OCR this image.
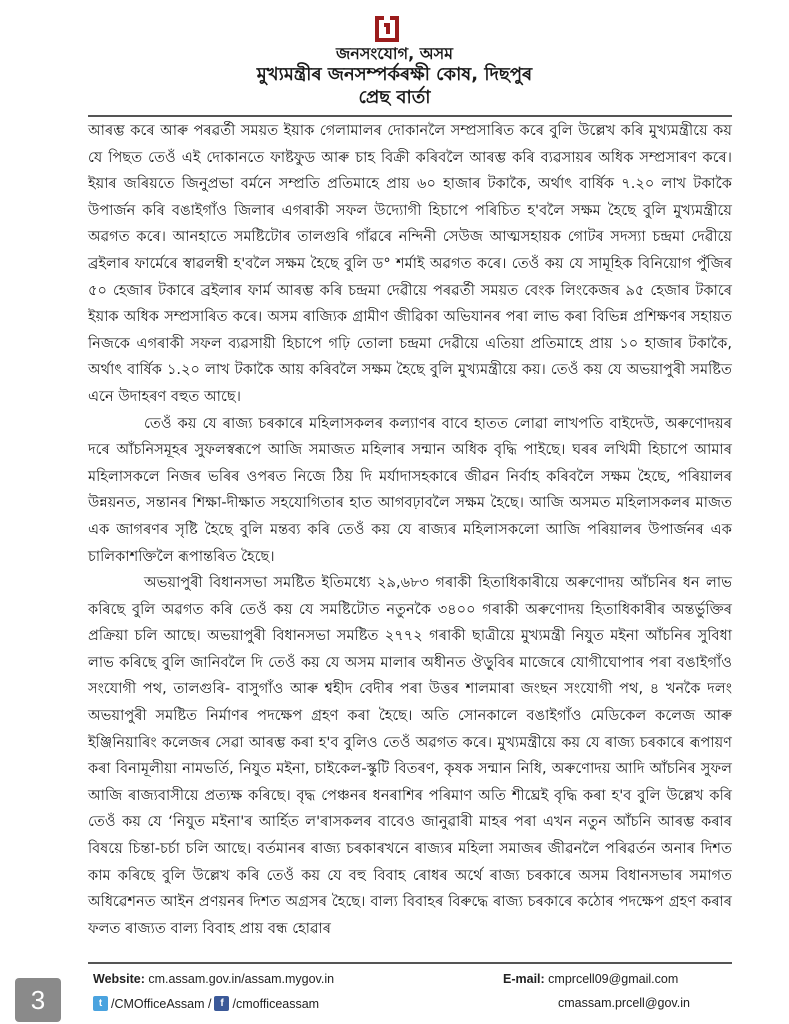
জনসংযোগ, অসম
মুখ্যমন্ত্ৰীৰ জনসম্পৰ্কৰক্ষী কোষ, দিছপুৰ
প্ৰেছ বাৰ্তা

আৰম্ভ কৰে আৰু পৰৱৰ্তী সময়ত ইয়াক গেলামালৰ দোকানলৈ সম্প্ৰসাৰিত কৰে বুলি উল্লেখ কৰি মুখ্যমন্ত্ৰীয়ে কয় যে পিছত তেওঁ এই দোকানতে ফাষ্টফুড আৰু চাহ বিক্ৰী কৰিবলৈ আৰম্ভ কৰি ব্যৱসায়ৰ অধিক সম্প্ৰসাৰণ কৰে। ইয়াৰ জৰিয়তে জিনুপ্ৰভা বৰ্মনে সম্প্ৰতি প্ৰতিমাহে প্ৰায় ৬০ হাজাৰ টকাকৈ, অৰ্থাৎ বাৰ্ষিক ৭.২০ লাখ টকাকৈ উপাৰ্জন কৰি বঙাইগাঁও জিলাৰ এগৰাকী সফল উদ্যোগী হিচাপে পৰিচিত হ'বলৈ সক্ষম হৈছে বুলি মুখ্যমন্ত্ৰীয়ে অৱগত কৰে। আনহাতে সমষ্টিটোৰ তালগুৰি গাঁৱৰে নন্দিনী সেউজ আত্মসহায়ক গোটৰ সদস্যা চন্দ্ৰমা দেৱীয়ে ব্ৰইলাৰ ফাৰ্মেৰে স্বাৱলম্বী হ'বলৈ সক্ষম হৈছে বুলি ড° শৰ্মাই অৱগত কৰে। তেওঁ কয় যে সামূহিক বিনিয়োগ পুঁজিৰ ৫০ হেজাৰ টকাৰে ব্ৰইলাৰ ফাৰ্ম আৰম্ভ কৰি চন্দ্ৰমা দেৱীয়ে পৰৱৰ্তী সময়ত বেংক লিংকেজৰ ৯৫ হেজাৰ টকাৰে ইয়াক অধিক সম্প্ৰসাৰিত কৰে। অসম ৰাজ্যিক গ্ৰামীণ জীৱিকা অভিযানৰ পৰা লাভ কৰা বিভিন্ন প্ৰশিক্ষণৰ সহায়ত নিজকে এগৰাকী সফল ব্যৱসায়ী হিচাপে গঢ়ি তোলা চন্দ্ৰমা দেৱীয়ে এতিয়া প্ৰতিমাহে প্ৰায় ১০ হাজাৰ টকাকৈ, অৰ্থাৎ বাৰ্ষিক ১.২০ লাখ টকাকৈ আয় কৰিবলৈ সক্ষম হৈছে বুলি মুখ্যমন্ত্ৰীয়ে কয়। তেওঁ কয় যে অভয়াপুৰী সমষ্টিত এনে উদাহৰণ বহুত আছে।

তেওঁ কয় যে ৰাজ্য চৰকাৰে মহিলাসকলৰ কল্যাণৰ বাবে হাতত লোৱা লাখপতি বাইদেউ, অৰুণোদয়ৰ দৰে আঁচনিসমূহৰ সুফলস্বৰূপে আজি সমাজত মহিলাৰ সন্মান অধিক বৃদ্ধি পাইছে। ঘৰৰ লখিমী হিচাপে আমাৰ মহিলাসকলে নিজৰ ভৰিৰ ওপৰত নিজে ঠিয় দি মৰ্যাদাসহকাৰে জীৱন নিৰ্বাহ কৰিবলৈ সক্ষম হৈছে, পৰিয়ালৰ উন্নয়নত, সন্তানৰ শিক্ষা-দীক্ষাত সহযোগিতাৰ হাত আগবঢ়াবলৈ সক্ষম হৈছে। আজি অসমত মহিলাসকলৰ মাজত এক জাগৰণৰ সৃষ্টি হৈছে বুলি মন্তব্য কৰি তেওঁ কয় যে ৰাজ্যৰ মহিলাসকলো আজি পৰিয়ালৰ উপাৰ্জনৰ এক চালিকাশক্তিলৈ ৰূপান্তৰিত হৈছে।

অভয়াপুৰী বিধানসভা সমষ্টিত ইতিমধ্যে ২৯,৬৮৩ গৰাকী হিতাধিকাৰীয়ে অৰুণোদয় আঁচনিৰ ধন লাভ কৰিছে বুলি অৱগত কৰি তেওঁ কয় যে সমষ্টিটোত নতুনকৈ ৩৪০০ গৰাকী অৰুণোদয় হিতাধিকাৰীৰ অন্তৰ্ভুক্তিৰ প্ৰক্ৰিয়া চলি আছে। অভয়াপুৰী বিধানসভা সমষ্টিত ২৭৭২ গৰাকী ছাত্ৰীয়ে মুখ্যমন্ত্ৰী নিযুত মইনা আঁচনিৰ সুবিধা লাভ কৰিছে বুলি জানিবলৈ দি তেওঁ কয় যে অসম মালাৰ অধীনত ঔড়ুবিৰ মাজেৰে যোগীঘোপাৰ পৰা বঙাইগাঁও সংযোগী পথ, তালগুৰি- বাসুগাঁও আৰু শ্বহীদ বেদীৰ পৰা উত্তৰ শালমাৰা জংছন সংযোগী পথ, ৪ খনকৈ দলং অভয়াপুৰী সমষ্টিত নিৰ্মাণৰ পদক্ষেপ গ্ৰহণ কৰা হৈছে। অতি সোনকালে বঙাইগাঁও মেডিকেল কলেজ আৰু ইঞ্জিনিয়াৰিং কলেজৰ সেৱা আৰম্ভ কৰা হ'ব বুলিও তেওঁ অৱগত কৰে। মুখ্যমন্ত্ৰীয়ে কয় যে ৰাজ্য চৰকাৰে ৰূপায়ণ কৰা বিনামূলীয়া নামভৰ্তি, নিযুত মইনা, চাইকেল-স্কুটি বিতৰণ, কৃষক সন্মান নিধি, অৰুণোদয় আদি আঁচনিৰ সুফল আজি ৰাজ্যবাসীয়ে প্ৰত্যক্ষ কৰিছে। বৃদ্ধ পেঞ্চনৰ ধনৰাশিৰ পৰিমাণ অতি শীঘ্ৰেই বৃদ্ধি কৰা হ'ব বুলি উল্লেখ কৰি তেওঁ কয় যে ‘নিযুত মইনা'ৰ আৰ্হিত ল'ৰাসকলৰ বাবেও জানুৱাৰী মাহৰ পৰা এখন নতুন আঁচনি আৰম্ভ কৰাৰ বিষয়ে চিন্তা-চৰ্চা চলি আছে। বৰ্তমানৰ ৰাজ্য চৰকাৰখনে ৰাজ্যৰ মহিলা সমাজৰ জীৱনলৈ পৰিৱৰ্তন অনাৰ দিশত কাম কৰিছে বুলি উল্লেখ কৰি তেওঁ কয় যে বহু বিবাহ ৰোধৰ অৰ্থে ৰাজ্য চৰকাৰে অসম বিধানসভাৰ সমাগত অধিৱেশনত আইন প্ৰণয়নৰ দিশত অগ্ৰসৰ হৈছে। বাল্য বিবাহৰ বিৰুদ্ধে ৰাজ্য চৰকাৰে কঠোৰ পদক্ষেপ গ্ৰহণ কৰাৰ ফলত ৰাজ্যত বাল্য বিবাহ প্ৰায় বন্ধ হোৱাৰ

3
Website: cm.assam.gov.in/assam.mygov.in
t /CMOfficeAssam / f /cmofficeassam
E-mail: cmprcell09@gmail.com
cmassam.prcell@gov.in
